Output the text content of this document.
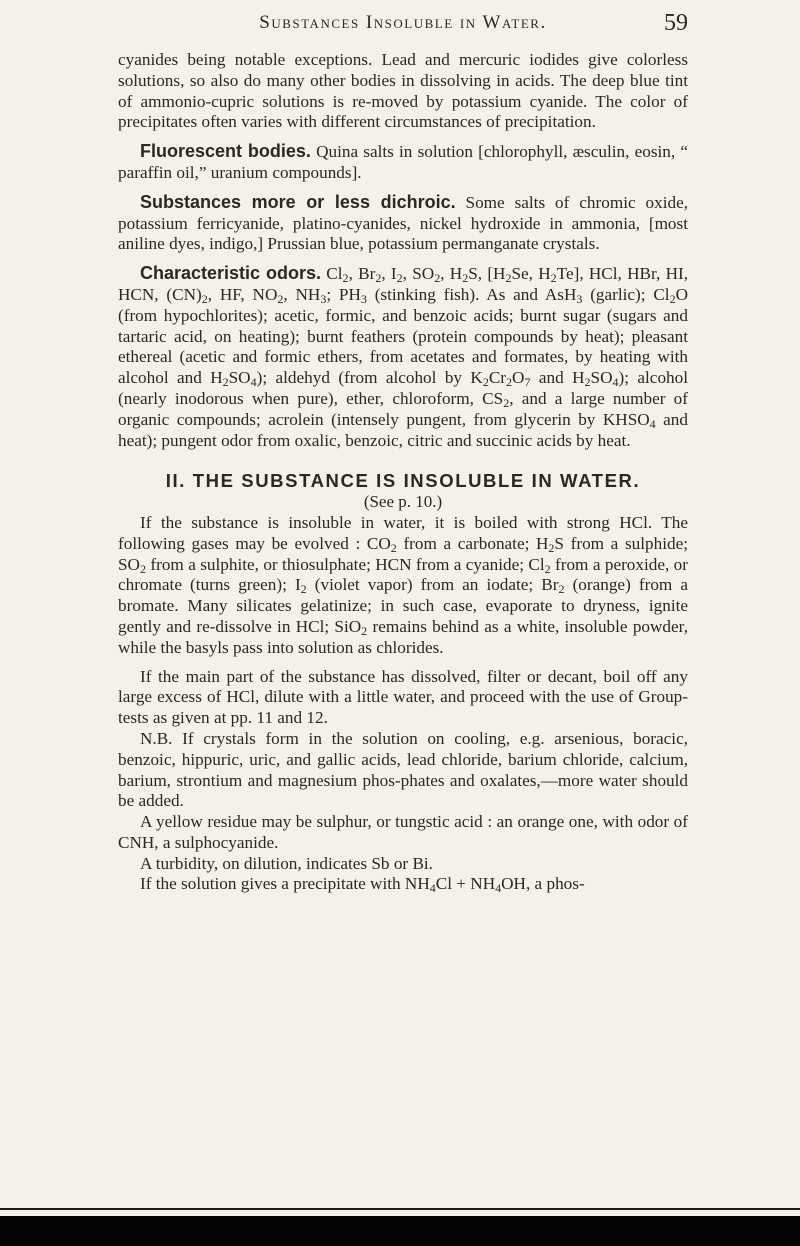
Substances Insoluble in Water.	59

cyanides being notable exceptions. Lead and mercuric iodides give colorless solutions, so also do many other bodies in dissolving in acids. The deep blue tint of ammonio-cupric solutions is re-moved by potassium cyanide. The color of precipitates often varies with different circumstances of precipitation.

Fluorescent bodies. Quina salts in solution [chlorophyll, æsculin, eosin, “ paraffin oil,” uranium compounds].

Substances more or less dichroic. Some salts of chromic oxide, potassium ferricyanide, platino-cyanides, nickel hydroxide in ammonia, [most aniline dyes, indigo,] Prussian blue, potassium permanganate crystals.

Characteristic odors. $Cl_2$, $Br_2$, $I_2$, $SO_2$, $H_2S$, [$H_2Se$, $H_2Te$], HCl, HBr, HI, HCN, $(CN)_2$, HF, $NO_2$, $NH_3$; $PH_3$ (stinking fish). As and AsH$_3$ (garlic); $Cl_2O$ (from hypochlorites); acetic, formic, and benzoic acids; burnt sugar (sugars and tartaric acid, on heating); burnt feathers (protein compounds by heat); pleasant ethereal (acetic and formic ethers, from acetates and formates, by heating with alcohol and $H_2SO_4$); aldehyd (from alcohol by $K_2Cr_2O_7$ and $H_2SO_4$); alcohol (nearly inodorous when pure), ether, chloroform, $CS_2$, and a large number of organic compounds; acrolein (intensely pungent, from glycerin by $KHSO_4$ and heat); pungent odor from oxalic, benzoic, citric and succinic acids by heat.

II. THE SUBSTANCE IS INSOLUBLE IN WATER.

(See p. 10.)

If the substance is insoluble in water, it is boiled with strong HCl. The following gases may be evolved : $CO_2$ from a carbonate; $H_2S$ from a sulphide; $SO_2$ from a sulphite, or thiosulphate; HCN from a cyanide; $Cl_2$ from a peroxide, or chromate (turns green); $I_2$ (violet vapor) from an iodate; $Br_2$ (orange) from a bromate. Many silicates gelatinize; in such case, evaporate to dryness, ignite gently and re-dissolve in HCl; SiO$_2$ remains behind as a white, insoluble powder, while the basyls pass into solution as chlorides.

If the main part of the substance has dissolved, filter or decant, boil off any large excess of HCl, dilute with a little water, and proceed with the use of Group-tests as given at pp. 11 and 12.

N.B. If crystals form in the solution on cooling, e.g. arsenious, boracic, benzoic, hippuric, uric, and gallic acids, lead chloride, barium chloride, calcium, barium, strontium and magnesium phos-phates and oxalates,—more water should be added.

A yellow residue may be sulphur, or tungstic acid : an orange one, with odor of CNH, a sulphocyanide.

A turbidity, on dilution, indicates Sb or Bi.

If the solution gives a precipitate with $NH_4Cl + NH_4OH$, a phos-
